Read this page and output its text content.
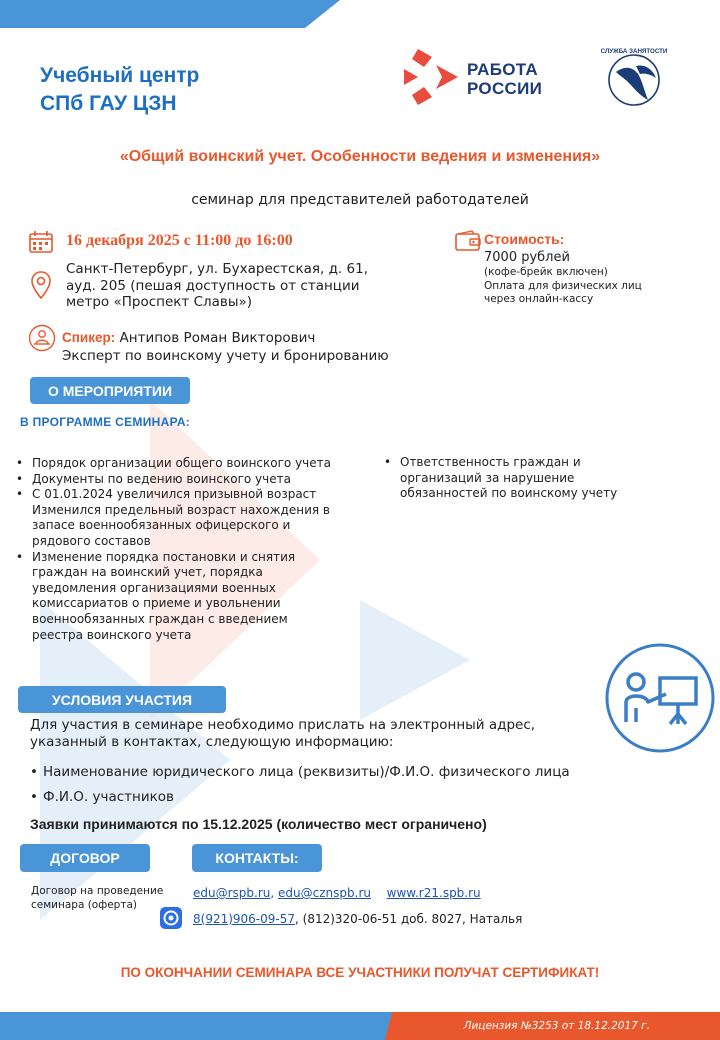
Учебный центр
СПб ГАУ ЦЗН
РАБОТА
РОССИИ
СЛУЖБА ЗАНЯТОСТИ
«Общий воинский учет. Особенности ведения и изменения»
семинар для представителей работодателей
16 декабря 2025 с 11:00 до 16:00
Санкт-Петербург, ул. Бухарестская, д. 61,
ауд. 205 (пешая доступность от станции
метро «Проспект Славы»)
Стоимость:
7000 рублей
(кофе-брейк включен)
Оплата для физических лиц
через онлайн-кассу
Спикер: Антипов Роман Викторович
Эксперт по воинскому учету и бронированию
О МЕРОПРИЯТИИ
В ПРОГРАММЕ СЕМИНАРА:
• Порядок организации общего воинского учета
• Документы по ведению воинского учета
• С 01.01.2024 увеличился призывной возраст
Изменился предельный возраст нахождения в
запасе военнообязанных офицерского и
рядового составов
• Изменение порядка постановки и снятия
граждан на воинский учет, порядка
уведомления организациями военных
комиссариатов о приеме и увольнении
военнообязанных граждан с введением
реестра воинского учета
• Ответственность граждан и
организаций за нарушение
обязанностей по воинскому учету
УСЛОВИЯ УЧАСТИЯ
Для участия в семинаре необходимо прислать на электронный адрес,
указанный в контактах, следующую информацию:
• Наименование юридического лица (реквизиты)/Ф.И.О. физического лица
• Ф.И.О. участников
Заявки принимаются по 15.12.2025 (количество мест ограничено)
ДОГОВОР	КОНТАКТЫ:
Договор на проведение
семинара (оферта)
edu@rspb.ru, edu@cznspb.ru www.r21.spb.ru
8(921)906-09-57, (812)320-06-51 доб. 8027, Наталья
ПО ОКОНЧАНИИ СЕМИНАРА ВСЕ УЧАСТНИКИ ПОЛУЧАТ СЕРТИФИКАТ!
Лицензия №3253 от 18.12.2017 г.
